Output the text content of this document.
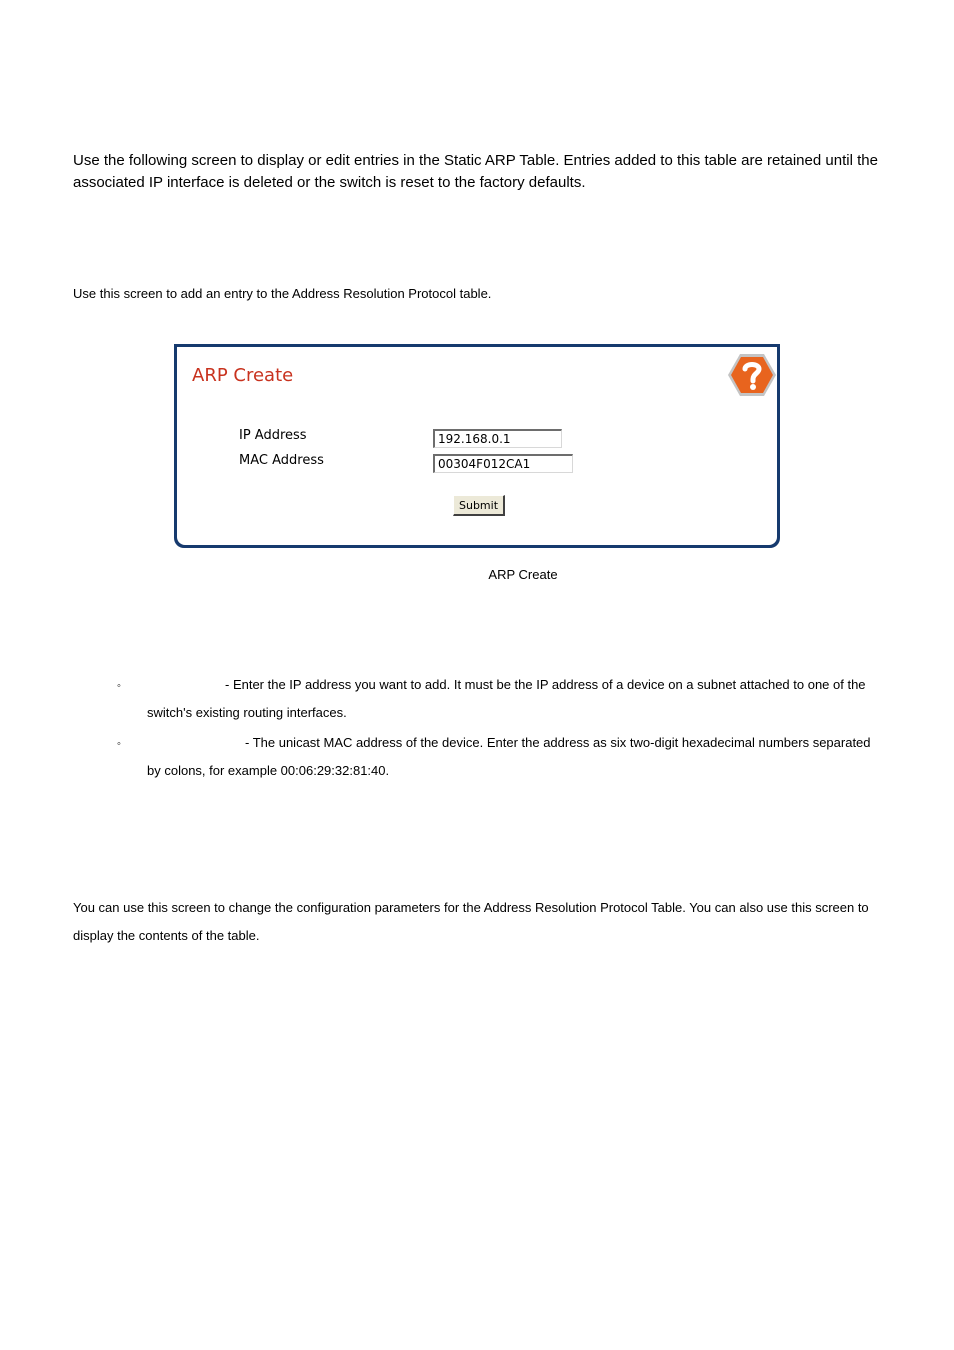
Use the following screen to display or edit entries in the Static ARP Table. Entries added to this table are retained until the associated IP interface is deleted or the switch is reset to the factory defaults.

Use this screen to add an entry to the Address Resolution Protocol table.

ARP Create
IP Address
192.168.0.1
MAC Address
00304F012CA1
Submit

ARP Create

◦	- Enter the IP address you want to add. It must be the IP address of a device on a subnet attached to one of the switch's existing routing interfaces.

◦	- The unicast MAC address of the device. Enter the address as six two-digit hexadecimal numbers separated by colons, for example 00:06:29:32:81:40.

You can use this screen to change the configuration parameters for the Address Resolution Protocol Table. You can also use this screen to display the contents of the table.
